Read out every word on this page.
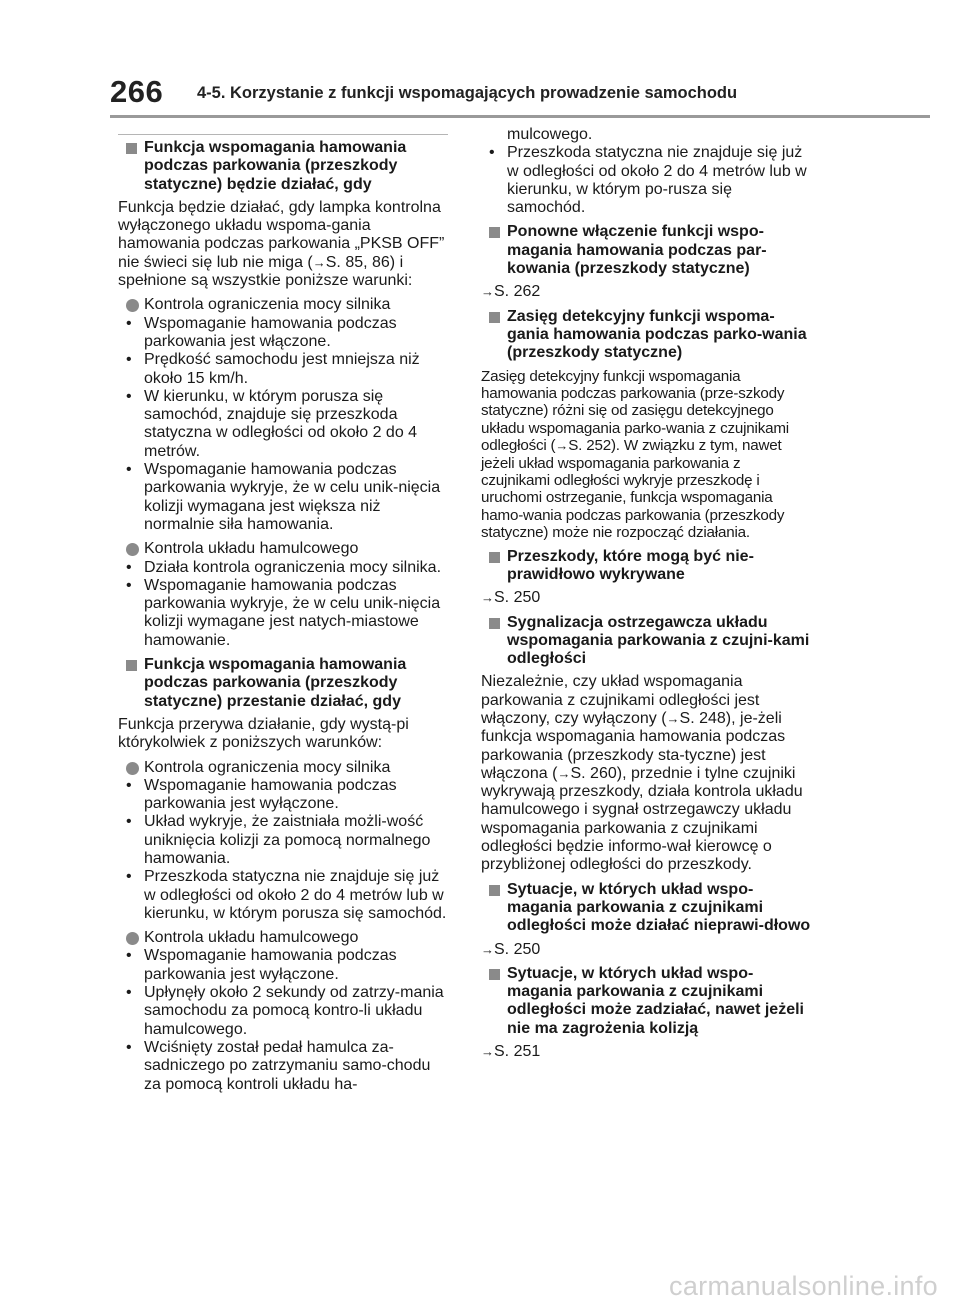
266 4-5. Korzystanie z funkcji wspomagających prowadzenie samochodu
Funkcja wspomagania hamowania podczas parkowania (przeszkody statyczne) będzie działać, gdy

Funkcja będzie działać, gdy lampka kontrolna wyłączonego układu wspoma-gania hamowania podczas parkowania „PKSB OFF” nie świeci się lub nie miga (→S. 85, 86) i spełnione są wszystkie poniższe warunki:

Kontrola ograniczenia mocy silnika
• Wspomaganie hamowania podczas parkowania jest włączone.
• Prędkość samochodu jest mniejsza niż około 15 km/h.
• W kierunku, w którym porusza się samochód, znajduje się przeszkoda statyczna w odległości od około 2 do 4 metrów.
• Wspomaganie hamowania podczas parkowania wykryje, że w celu unik-nięcia kolizji wymagana jest większa niż normalnie siła hamowania.
Kontrola układu hamulcowego
• Działa kontrola ograniczenia mocy silnika.
• Wspomaganie hamowania podczas parkowania wykryje, że w celu unik-nięcia kolizji wymagane jest natych-miastowe hamowanie.
Funkcja wspomagania hamowania podczas parkowania (przeszkody statyczne) przestanie działać, gdy

Funkcja przerywa działanie, gdy wystą-pi którykolwiek z poniższych warunków:

Kontrola ograniczenia mocy silnika
• Wspomaganie hamowania podczas parkowania jest wyłączone.
• Układ wykryje, że zaistniała możli-wość uniknięcia kolizji za pomocą normalnego hamowania.
• Przeszkoda statyczna nie znajduje się już w odległości od około 2 do 4 metrów lub w kierunku, w którym porusza się samochód.
Kontrola układu hamulcowego
• Wspomaganie hamowania podczas parkowania jest wyłączone.
• Upłynęły około 2 sekundy od zatrzy-mania samochodu za pomocą kontro-li układu hamulcowego.
• Wciśnięty został pedał hamulca za-sadniczego po zatrzymaniu samo-chodu za pomocą kontroli układu ha-

mulcowego.

• Przeszkoda statyczna nie znajduje się już w odległości od około 2 do 4 metrów lub w kierunku, w którym po-rusza się samochód.
Ponowne włączenie funkcji wspo-magania hamowania podczas par-kowania (przeszkody statyczne)

→S. 262

Zasięg detekcyjny funkcji wspoma-gania hamowania podczas parko-wania (przeszkody statyczne)

Zasięg detekcyjny funkcji wspomagania hamowania podczas parkowania (prze-szkody statyczne) różni się od zasięgu detekcyjnego układu wspomagania parko-wania z czujnikami odległości (→S. 252). W związku z tym, nawet jeżeli układ wspomagania parkowania z czujnikami odległości wykryje przeszkodę i uruchomi ostrzeganie, funkcja wspomagania hamo-wania podczas parkowania (przeszkody statyczne) może nie rozpocząć działania.

Przeszkody, które mogą być nie-prawidłowo wykrywane

→S. 250

Sygnalizacja ostrzegawcza układu wspomagania parkowania z czujni-kami odległości

Niezależnie, czy układ wspomagania parkowania z czujnikami odległości jest włączony, czy wyłączony (→S. 248), je-żeli funkcja wspomagania hamowania podczas parkowania (przeszkody sta-tyczne) jest włączona (→S. 260), przednie i tylne czujniki wykrywają przeszkody, działa kontrola układu hamulcowego i sygnał ostrzegawczy układu wspomagania parkowania z czujnikami odległości będzie informo-wał kierowcę o przybliżonej odległości do przeszkody.

Sytuacje, w których układ wspo-magania parkowania z czujnikami odległości może działać nieprawi-dłowo

→S. 250

Sytuacje, w których układ wspo-magania parkowania z czujnikami odległości może zadziałać, nawet jeżeli nie ma zagrożenia kolizją

→S. 251

carmanualsonline.info
